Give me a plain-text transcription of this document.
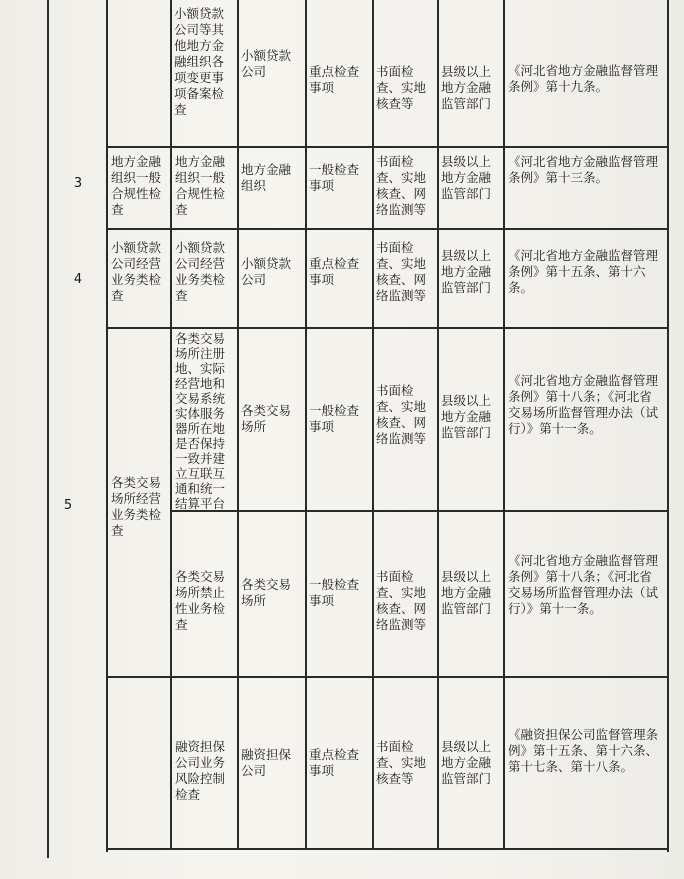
小额贷款公司等其他地方金融组织各项变更事项备案检查
小额贷款公司	重点检查事项
书面检查、实地核查等
县级以上地方金融监管部门
《河北省地方金融监督管理条例》第十九条。
3
地方金融组织一般合规性检查
地方金融组织一般合规性检查
地方金融组织
一般检查事项
书面检查、实地核查、网络监测等
县级以上地方金融监管部门
《河北省地方金融监督管理条例》第十三条。
4
小额贷款公司经营业务类检查
小额贷款公司经营业务类检查
小额贷款公司
重点检查事项
书面检查、实地核查、网络监测等
县级以上地方金融监管部门
《河北省地方金融监督管理条例》第十五条、第十六条。
5
各类交易场所经营业务类检查
各类交易场所注册地、实际经营地和交易系统实体服务器所在地是否保持一致并建立互联互通和统一结算平台
各类交易场所
一般检查事项
书面检查、实地核查、网络监测等
县级以上地方金融监管部门
《河北省地方金融监督管理条例》第十八条；《河北省交易场所监督管理办法（试行）》第十一条。
各类交易场所禁止性业务检查
各类交易场所
一般检查事项
书面检查、实地核查、网络监测等
县级以上地方金融监管部门
《河北省地方金融监督管理条例》第十八条；《河北省交易场所监督管理办法（试行）》第十一条。
融资担保公司业务风险控制检查
融资担保公司
重点检查事项
书面检查、实地核查等
县级以上地方金融监管部门
《融资担保公司监督管理条例》第十五条、第十六条、第十七条、第十八条。
